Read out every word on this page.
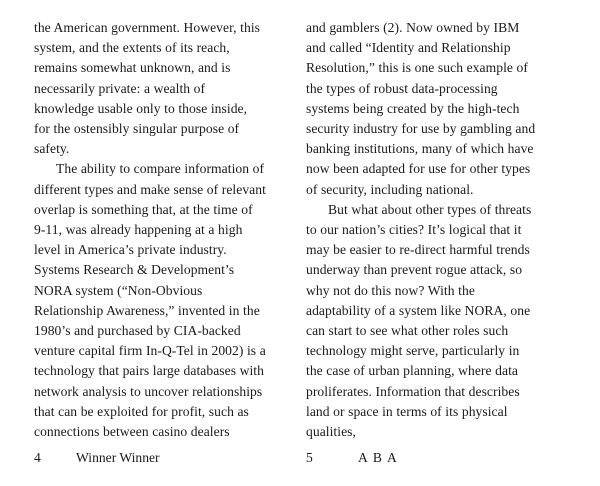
the American government. However, this system, and the extents of its reach, remains somewhat unknown, and is necessarily private: a wealth of knowledge usable only to those inside, for the ostensibly singular purpose of safety.

The ability to compare information of different types and make sense of relevant overlap is something that, at the time of 9-11, was already happening at a high level in America’s private industry. Systems Research & Development’s NORA system (“Non-Obvious Relationship Awareness,” invented in the 1980’s and purchased by CIA-backed venture capital firm In-Q-Tel in 2002) is a technology that pairs large databases with network analysis to uncover relationships that can be exploited for profit, such as connections between casino dealers

and gamblers (2). Now owned by IBM and called “Identity and Relationship Resolution,” this is one such example of the types of robust data-processing systems being created by the high-tech security industry for use by gambling and banking institutions, many of which have now been adapted for use for other types of security, including national.

But what about other types of threats to our nation’s cities? It’s logical that it may be easier to re-direct harmful trends underway than prevent rogue attack, so why not do this now? With the adaptability of a system like NORA, one can start to see what other roles such technology might serve, particularly in the case of urban planning, where data proliferates. Information that describes land or space in terms of its physical qualities,

4	Winner Winner	5	A B A
